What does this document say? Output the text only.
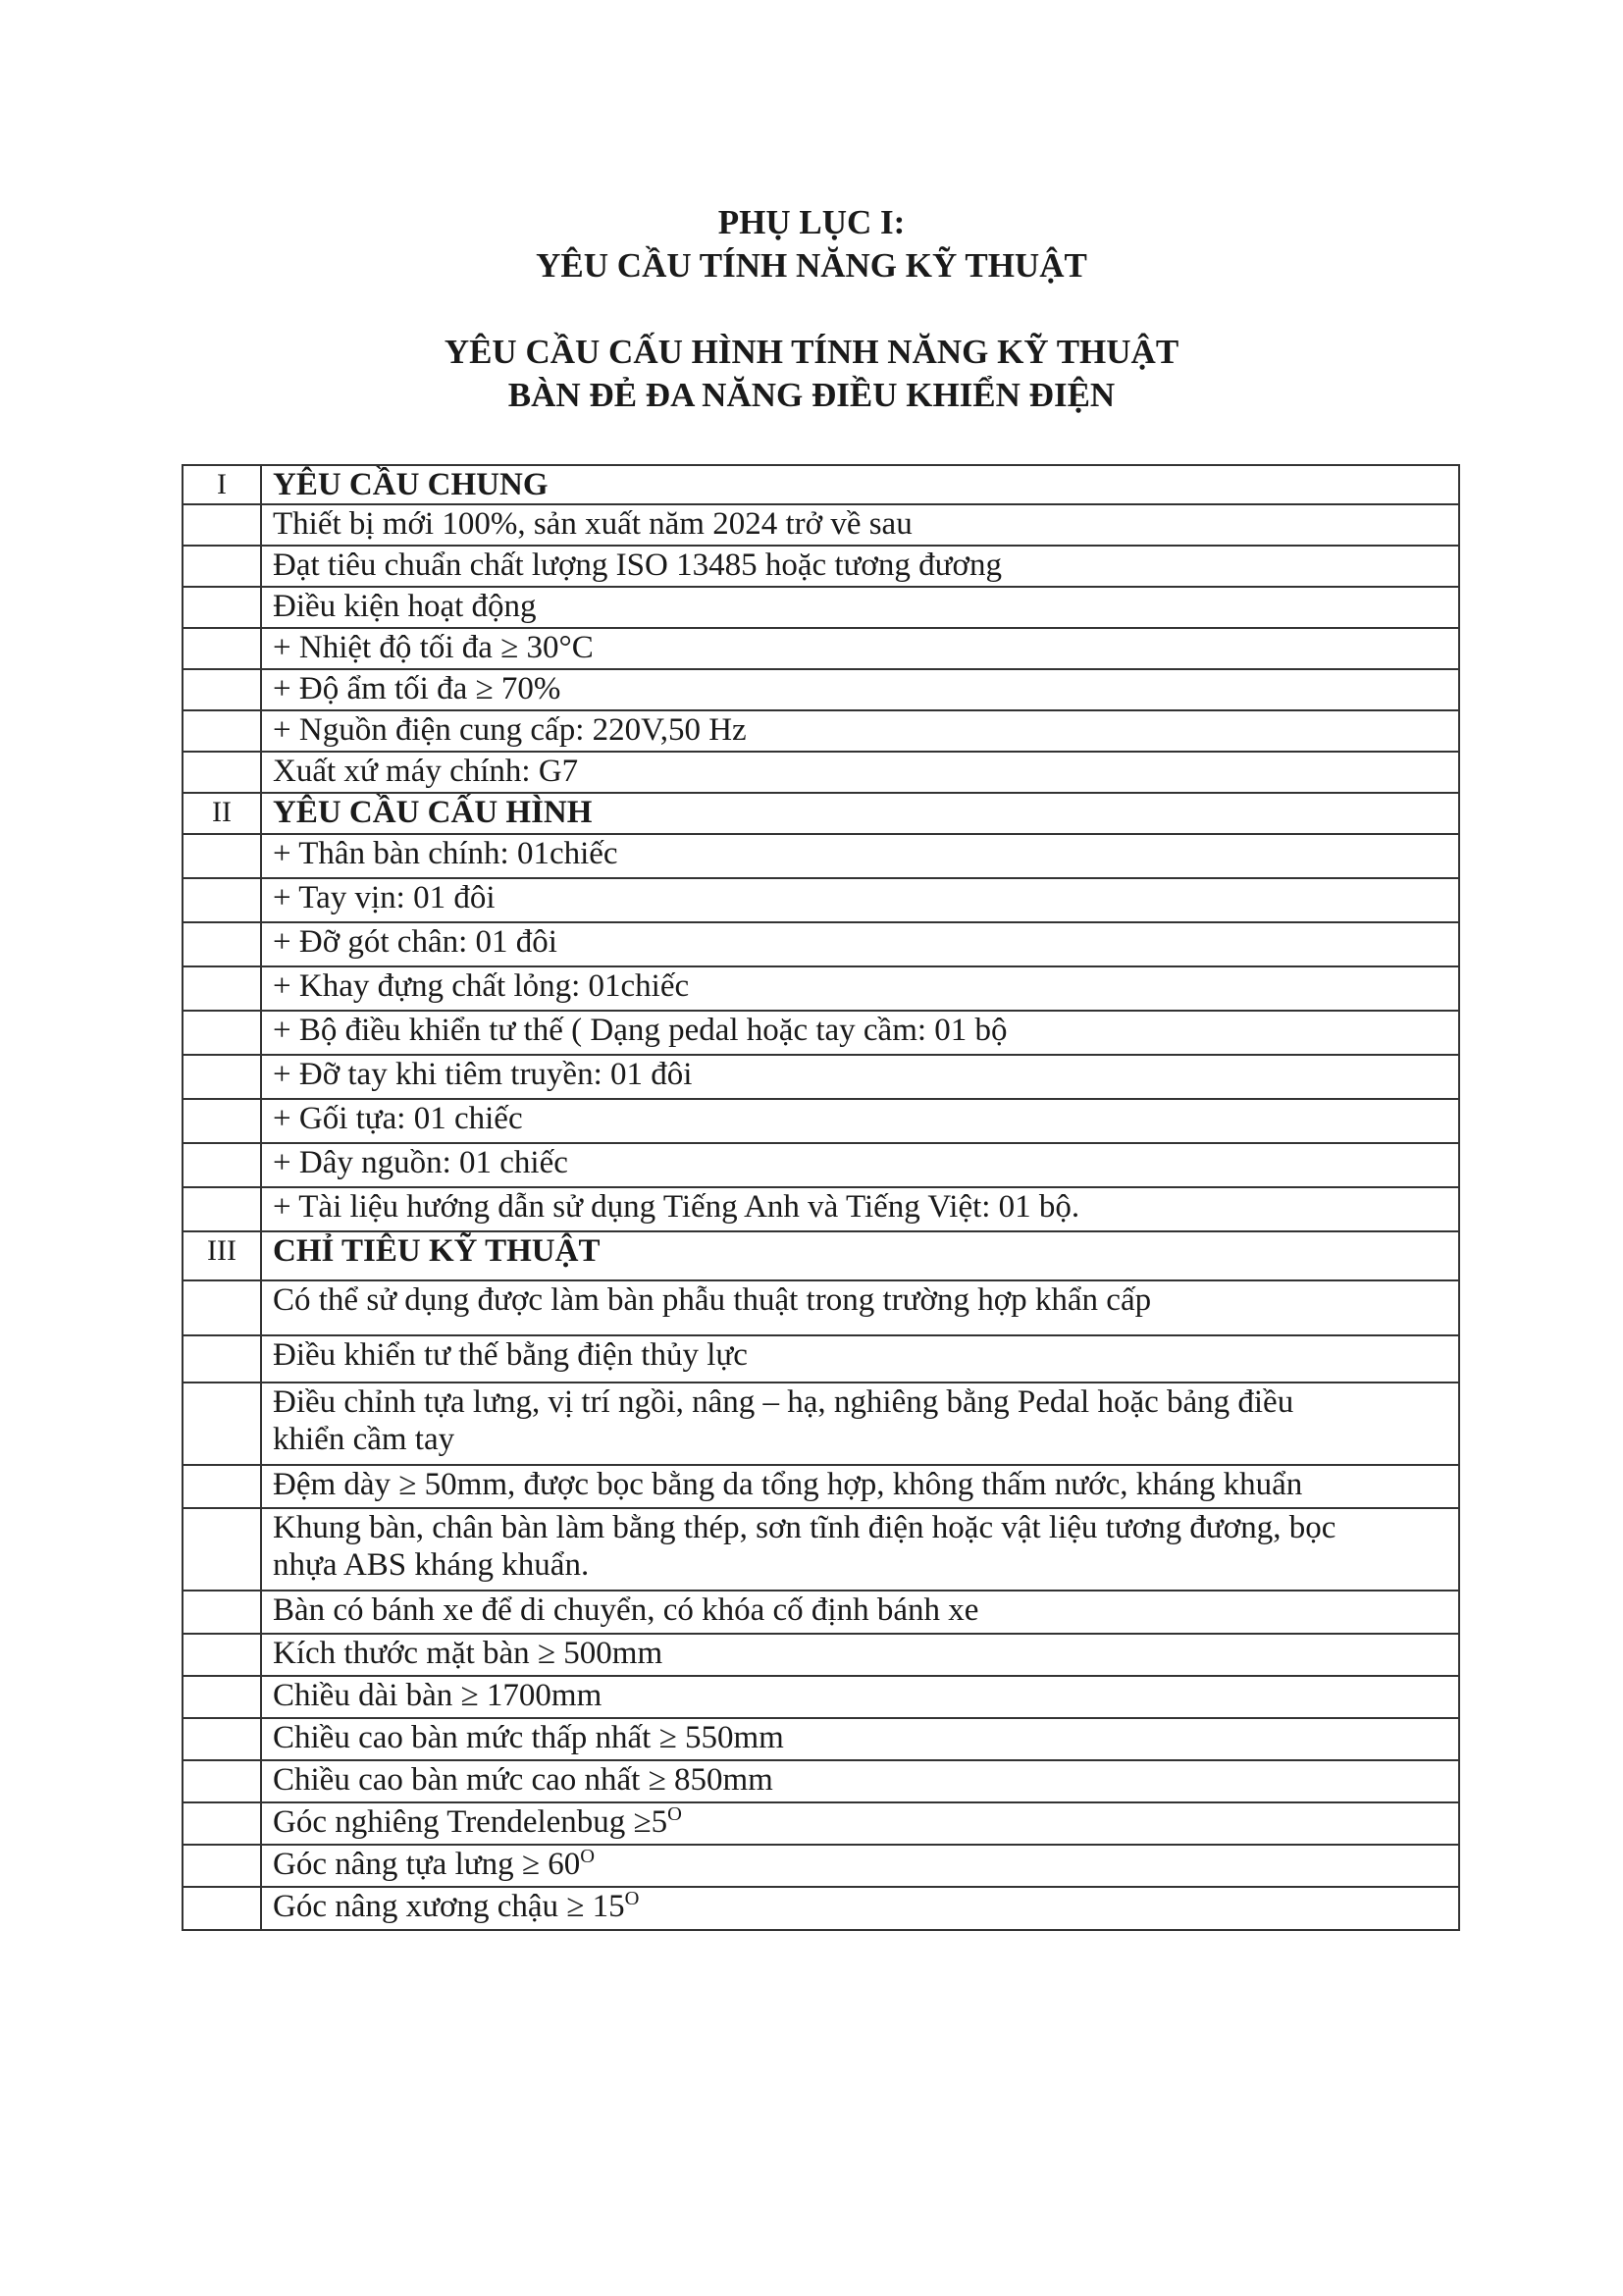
PHỤ LỤC I:
YÊU CẦU TÍNH NĂNG KỸ THUẬT
YÊU CẦU CẤU HÌNH TÍNH NĂNG KỸ THUẬT
BÀN ĐẺ ĐA NĂNG ĐIỀU KHIỂN ĐIỆN
I	YÊU CẦU CHUNG
	Thiết bị mới 100%, sản xuất năm 2024 trở về sau
	Đạt tiêu chuẩn chất lượng ISO 13485 hoặc tương đương
	Điều kiện hoạt động
	+ Nhiệt độ tối đa ≥ 30°C
	+ Độ ẩm tối đa ≥ 70%
	+ Nguồn điện cung cấp: 220V,50 Hz
	Xuất xứ máy chính: G7
II	YÊU CẦU CẤU HÌNH
	+ Thân bàn chính: 01chiếc
	+ Tay vịn: 01 đôi
	+ Đỡ gót chân: 01 đôi
	+ Khay đựng chất lỏng: 01chiếc
	+ Bộ điều khiển tư thế ( Dạng pedal hoặc tay cầm: 01 bộ
	+ Đỡ tay khi tiêm truyền: 01 đôi
	+ Gối tựa: 01 chiếc
	+ Dây nguồn: 01 chiếc
	+ Tài liệu hướng dẫn sử dụng Tiếng Anh và Tiếng Việt: 01 bộ.
III	CHỈ TIÊU KỸ THUẬT
	Có thể sử dụng được làm bàn phẫu thuật trong trường hợp khẩn cấp
	Điều khiển tư thế bằng điện thủy lực

	Điều chỉnh tựa lưng, vị trí ngồi, nâng – hạ, nghiêng bằng Pedal hoặc bảng điều
khiển cầm tay

	Đệm dày ≥ 50mm, được bọc bằng da tổng hợp, không thấm nước, kháng khuẩn

	Khung bàn, chân bàn làm bằng thép, sơn tĩnh điện hoặc vật liệu tương đương, bọc
nhựa ABS kháng khuẩn.

	Bàn có bánh xe để di chuyển, có khóa cố định bánh xe
	Kích thước mặt bàn ≥ 500mm
	Chiều dài bàn ≥ 1700mm
	Chiều cao bàn mức thấp nhất ≥ 550mm
	Chiều cao bàn mức cao nhất ≥ 850mm
	Góc nghiêng Trendelenbug $\ge 5^O$
	Góc nâng tựa lưng ≥ $60^O$
	Góc nâng xương chậu ≥ $15^O$
